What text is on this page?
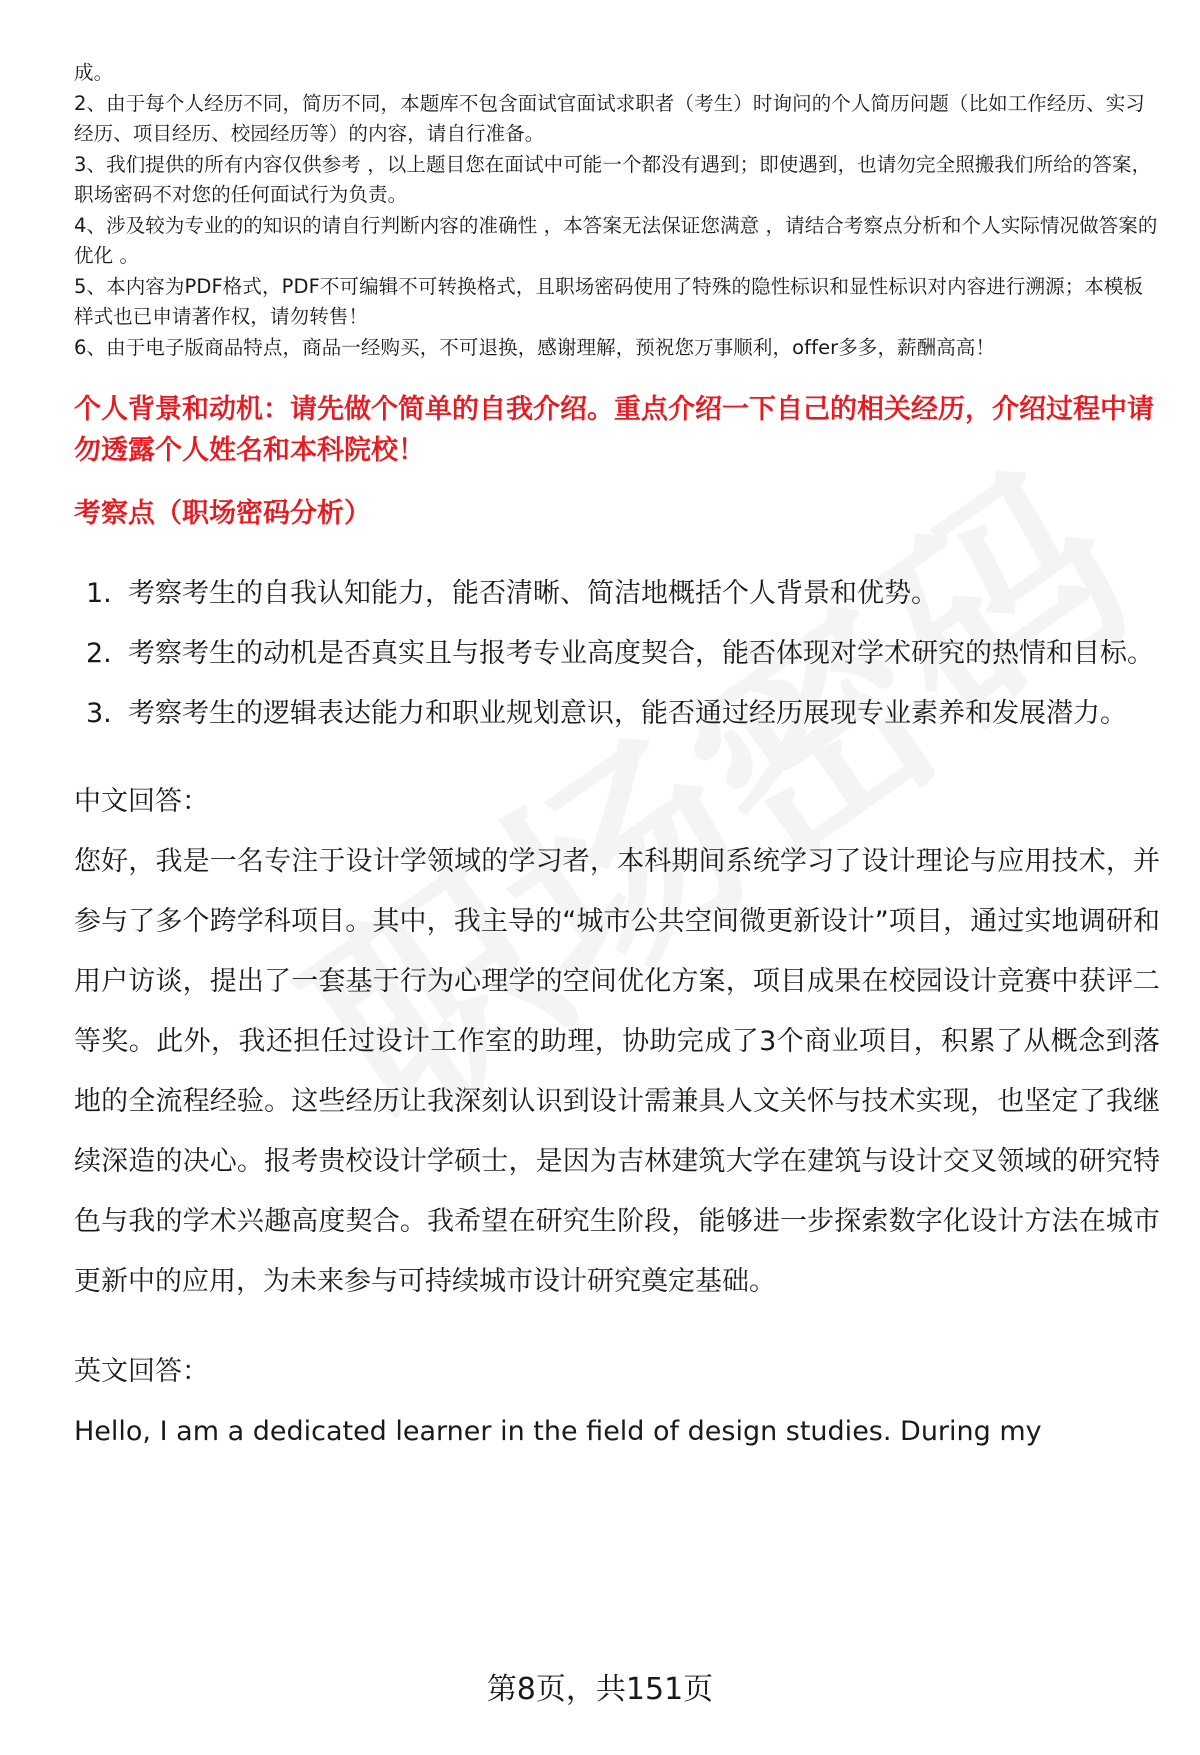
成。

2、由于每个人经历不同，简历不同，本题库不包含面试官面试求职者（考生）时询问的个人简历问题（比如工作经历、实习经历、项目经历、校园经历等）的内容，请自行准备。

3、我们提供的所有内容仅供参考 ，以上题目您在面试中可能一个都没有遇到；即使遇到，也请勿完全照搬我们所给的答案，职场密码不对您的任何面试行为负责。

4、涉及较为专业的的知识的请自行判断内容的准确性 ，本答案无法保证您满意 ，请结合考察点分析和个人实际情况做答案的优化 。

5、本内容为PDF格式，PDF不可编辑不可转换格式，且职场密码使用了特殊的隐性标识和显性标识对内容进行溯源；本模板样式也已申请著作权，请勿转售！

6、由于电子版商品特点，商品一经购买，不可退换，感谢理解，预祝您万事顺利，offer多多，薪酬高高！

个人背景和动机：请先做个简单的自我介绍。重点介绍一下自己的相关经历，介绍过程中请勿透露个人姓名和本科院校！
考察点（职场密码分析）
1. 考察考生的自我认知能力，能否清晰、简洁地概括个人背景和优势。
2. 考察考生的动机是否真实且与报考专业高度契合，能否体现对学术研究的热情和目标。
3. 考察考生的逻辑表达能力和职业规划意识，能否通过经历展现专业素养和发展潜力。

中文回答：

您好，我是一名专注于设计学领域的学习者，本科期间系统学习了设计理论与应用技术，并参与了多个跨学科项目。其中，我主导的“城市公共空间微更新设计”项目，通过实地调研和用户访谈，提出了一套基于行为心理学的空间优化方案，项目成果在校园设计竞赛中获评二等奖。此外，我还担任过设计工作室的助理，协助完成了3个商业项目，积累了从概念到落地的全流程经验。这些经历让我深刻认识到设计需兼具人文关怀与技术实现，也坚定了我继续深造的决心。报考贵校设计学硕士，是因为吉林建筑大学在建筑与设计交叉领域的研究特色与我的学术兴趣高度契合。我希望在研究生阶段，能够进一步探索数字化设计方法在城市更新中的应用，为未来参与可持续城市设计研究奠定基础。

英文回答：

Hello, I am a dedicated learner in the field of design studies. During my

第8页，共151页
